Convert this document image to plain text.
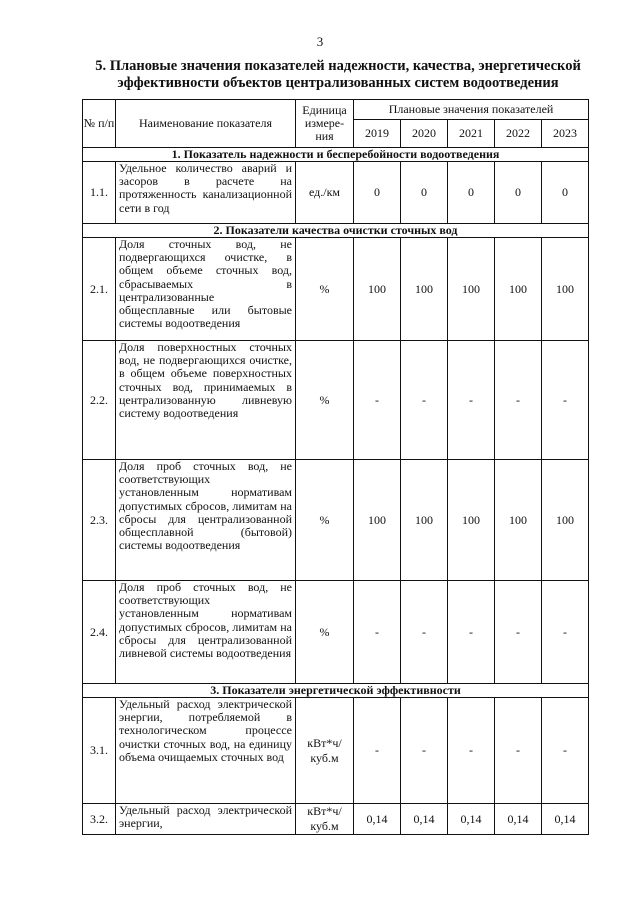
3
5. Плановые значения показателей надежности, качества, энергетической эффективности объектов централизованных систем водоотведения
№ п/п	Наименование показателя	Единица измере-ния	Плановые значения показателей				
			2019	2020	2021	2022	2023
1. Показатель надежности и бесперебойности водоотведения							
1.1.	Удельное количество аварий и засоров в расчете на протяженность канализационной сети в год	ед./км	0	0	0	0	0
2. Показатели качества очистки сточных вод							
2.1.	Доля сточных вод, не подвергающихся очистке, в общем объеме сточных вод, сбрасываемых в централизованные общесплавные или бытовые системы водоотведения	%	100	100	100	100	100
2.2.	Доля поверхностных сточных вод, не подвергающихся очистке, в общем объеме поверхностных сточных вод, принимаемых в централизованную ливневую систему водоотведения	%	-	-	-	-	-
2.3.	Доля проб сточных вод, не соответствующих установленным нормативам допустимых сбросов, лимитам на сбросы для централизованной общесплавной (бытовой) системы водоотведения	%	100	100	100	100	100
2.4.	Доля проб сточных вод, не соответствующих установленным нормативам допустимых сбросов, лимитам на сбросы для централизованной ливневой системы водоотведения	%	-	-	-	-	-
3. Показатели энергетической эффективности							
3.1.	Удельный расход электрической энергии, потребляемой в технологическом процессе очистки сточных вод, на единицу объема очищаемых сточных вод	кВт*ч/ куб.м	-	-	-	-	-
3.2.	Удельный расход электрической энергии,	кВт*ч/ куб.м	0,14	0,14	0,14	0,14	0,14
